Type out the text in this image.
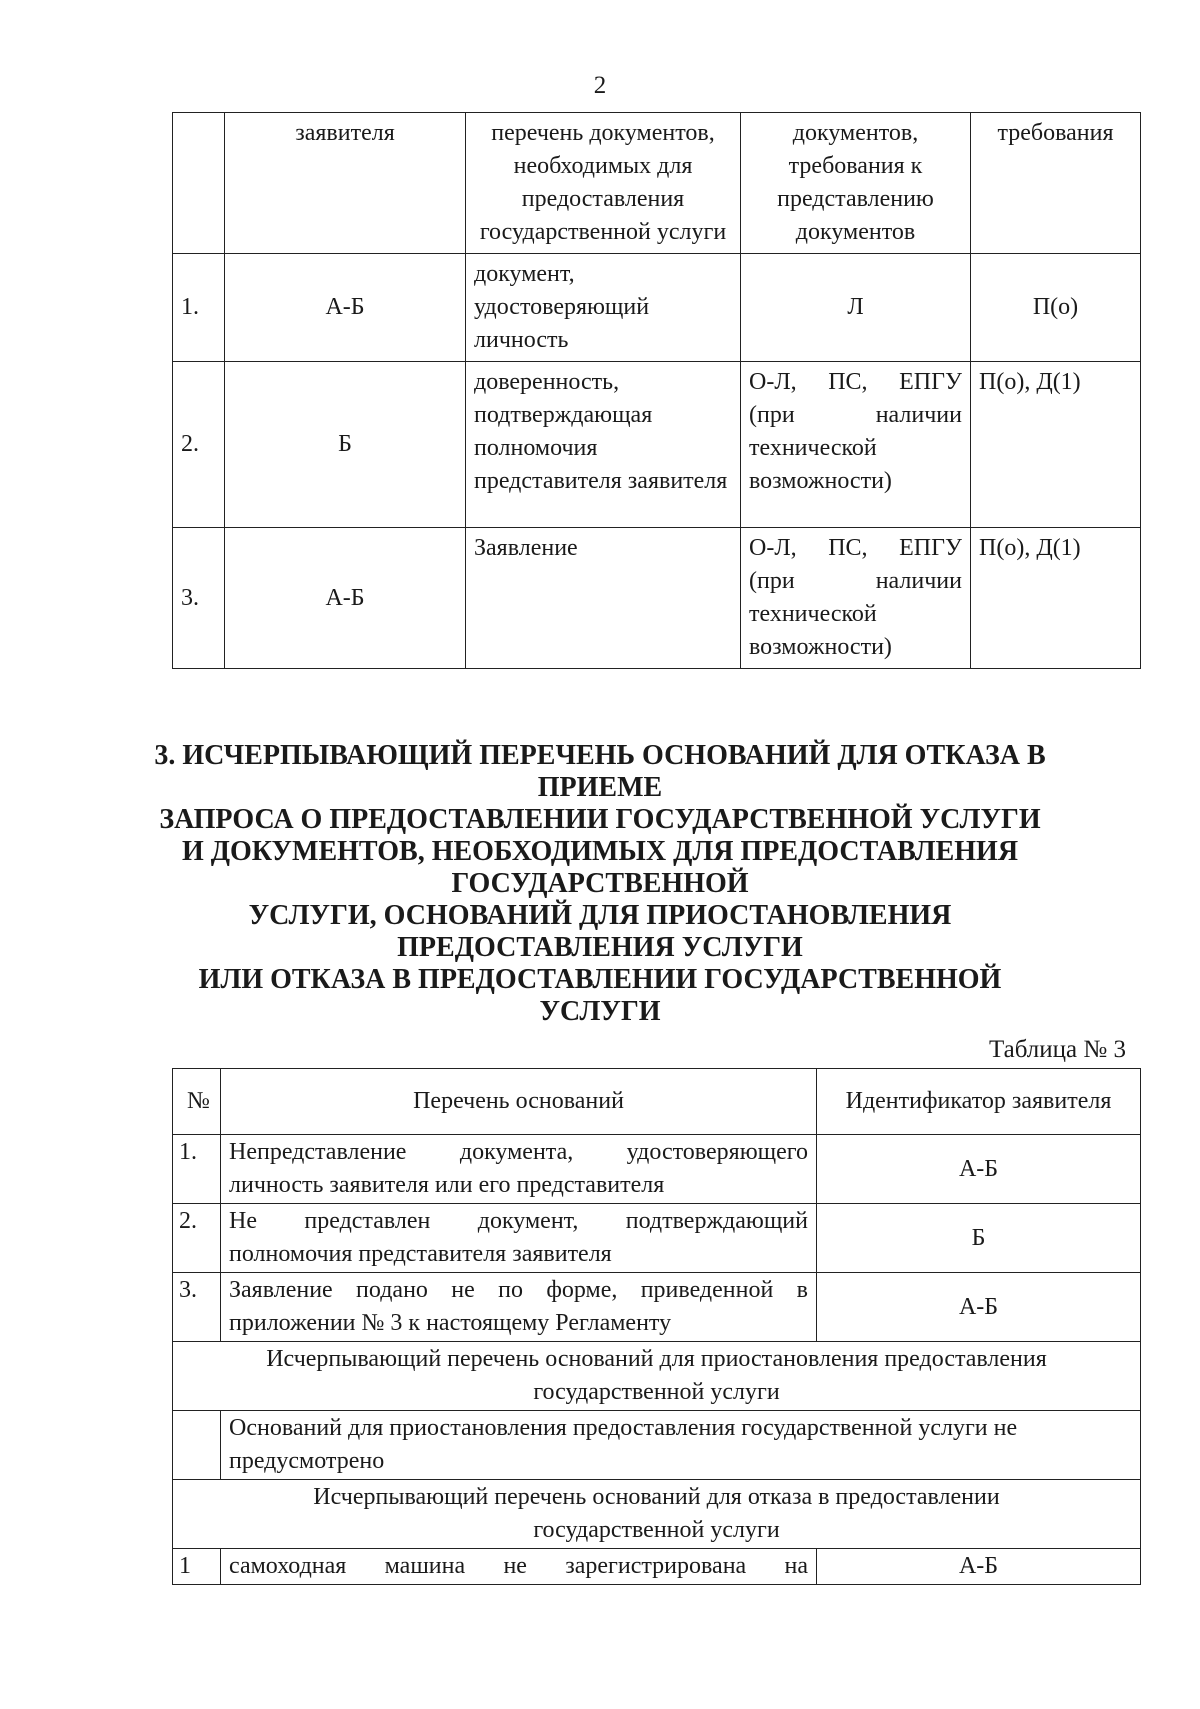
2
	заявителя	перечень документов, необходимых для предоставления государственной услуги	документов, требования к представлению документов	требования
1.	А-Б	документ, удостоверяющий личность	Л	П(о)
2.	Б	доверенность, подтверждающая полномочия представителя заявителя	О-Л, ПС, ЕПГУ (при наличии технической возможности)	П(о), Д(1)
3.	А-Б	Заявление	О-Л, ПС, ЕПГУ (при наличии технической возможности)	П(о), Д(1)
3. ИСЧЕРПЫВАЮЩИЙ ПЕРЕЧЕНЬ ОСНОВАНИЙ ДЛЯ ОТКАЗА В
ПРИЕМЕ
ЗАПРОСА О ПРЕДОСТАВЛЕНИИ ГОСУДАРСТВЕННОЙ УСЛУГИ
И ДОКУМЕНТОВ, НЕОБХОДИМЫХ ДЛЯ ПРЕДОСТАВЛЕНИЯ
ГОСУДАРСТВЕННОЙ
УСЛУГИ, ОСНОВАНИЙ ДЛЯ ПРИОСТАНОВЛЕНИЯ
ПРЕДОСТАВЛЕНИЯ УСЛУГИ
ИЛИ ОТКАЗА В ПРЕДОСТАВЛЕНИИ ГОСУДАРСТВЕННОЙ
УСЛУГИ
Таблица № 3
№	Перечень оснований	Идентификатор заявителя
1.	Непредставление документа, удостоверяющего личность заявителя или его представителя	А-Б
2.	Не представлен документ, подтверждающий полномочия представителя заявителя	Б
3.	Заявление подано не по форме, приведенной в приложении № 3 к настоящему Регламенту	А-Б
Исчерпывающий перечень оснований для приостановления предоставления государственной услуги		
	Оснований для приостановления предоставления государственной услуги не предусмотрено	
Исчерпывающий перечень оснований для отказа в предоставлении государственной услуги		
1	самоходная машина не зарегистрирована на	А-Б
